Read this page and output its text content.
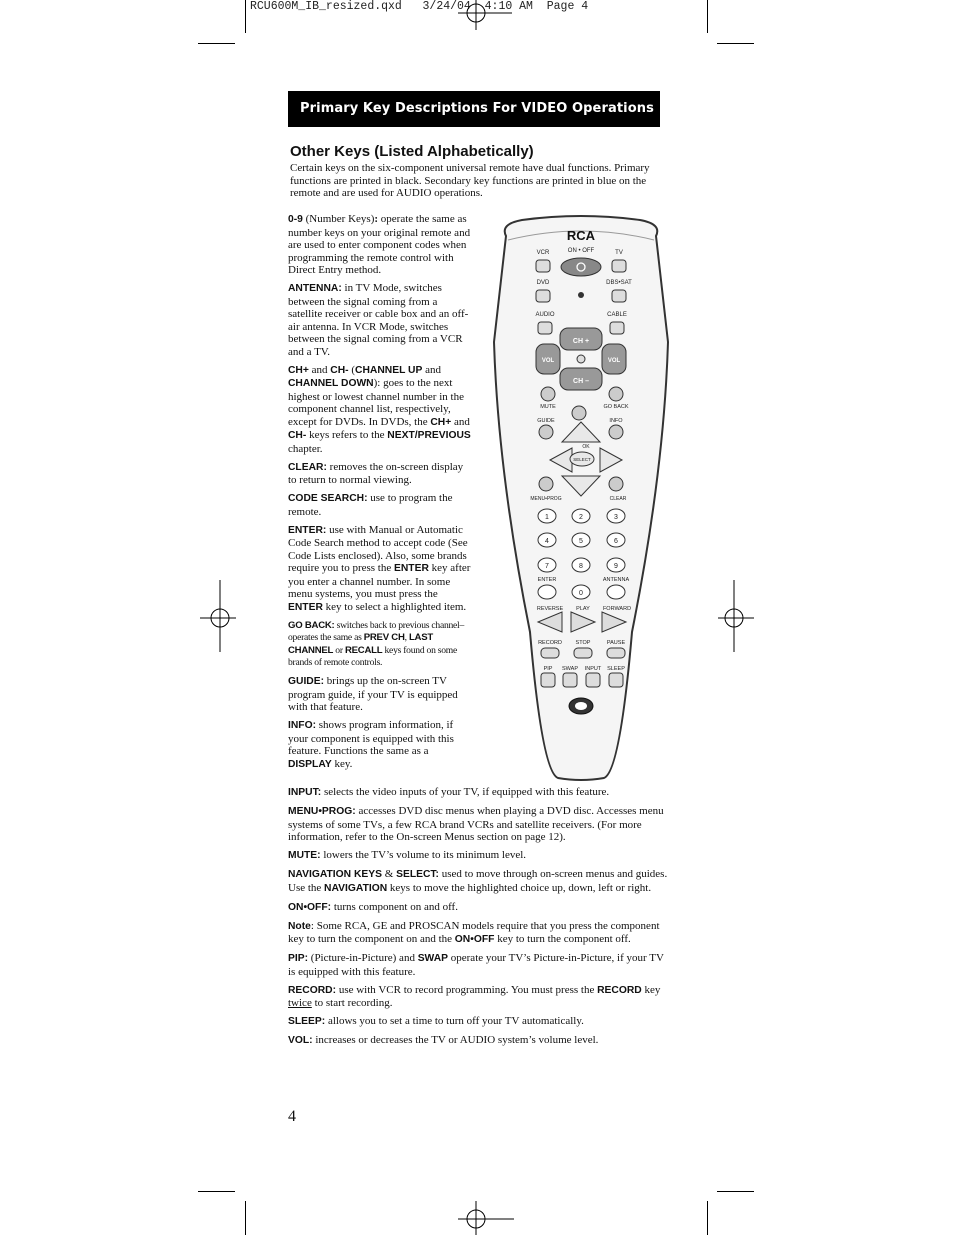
RCU600M_IB_resized.qxd   3/24/04  4:10 AM  Page 4
Primary Key Descriptions For VIDEO Operations
Other Keys (Listed Alphabetically)
Certain keys on the six-component universal remote have dual functions. Primary functions are printed in black. Secondary key functions are printed in blue on the remote and are used for AUDIO operations.

0-9 (Number Keys): operate the same as number keys on your original remote and are used to enter component codes when programming the remote control with Direct Entry method.

ANTENNA: in TV Mode, switches between the signal coming from a satellite receiver or cable box and an off-air antenna. In VCR Mode, switches between the signal coming from a VCR and a TV.

CH+ and CH- (CHANNEL UP and CHANNEL DOWN): goes to the next highest or lowest channel number in the component channel list, respectively, except for DVDs. In DVDs, the CH+ and CH- keys refers to the NEXT/PREVIOUS chapter.

CLEAR: removes the on-screen display to return to normal viewing.

CODE SEARCH: use to program the remote.

ENTER: use with Manual or Automatic Code Search method to accept code (See Code Lists enclosed). Also, some brands require you to press the ENTER key after you enter a channel number. In some menu systems, you must press the ENTER key to select a highlighted item.

GO BACK: switches back to previous channel– operates the same as PREV CH, LAST CHANNEL or RECALL keys found on some brands of remote controls.

GUIDE: brings up the on-screen TV program guide, if your TV is equipped with that feature.

INFO: shows program information, if your component is equipped with this feature. Functions the same as a DISPLAY key.

INPUT: selects the video inputs of your TV, if equipped with this feature.

MENU•PROG: accesses DVD disc menus when playing a DVD disc. Accesses menu systems of some TVs, a few RCA brand VCRs and satellite receivers. (For more information, refer to the On-screen Menus section on page 12).

MUTE: lowers the TV’s volume to its minimum level.

NAVIGATION KEYS & SELECT: used to move through on-screen menus and guides. Use the NAVIGATION keys to move the highlighted choice up, down, left or right.

ON•OFF: turns component on and off.

Note: Some RCA, GE and PROSCAN models require that you press the component key to turn the component on and the ON•OFF key to turn the component off.

PIP: (Picture-in-Picture) and SWAP operate your TV’s Picture-in-Picture, if your TV is equipped with this feature.

RECORD: use with VCR to record programming. You must press the RECORD key twice to start recording.

SLEEP: allows you to set a time to turn off your TV automatically.

VOL: increases or decreases the TV or AUDIO system’s volume level.

4
RCA
VCR	ON • OFF	TV
DVD	DBS•SAT
AUDIO	CABLE
CH +
VOL	VOL
CH –
MUTE	GO BACK
GUIDE	INFO
OK
SELECT
MENU•PROG	CLEAR
1	2	3
4	5	6
7	8	9
ENTER	ANTENNA
0
REVERSE PLAY FORWARD
RECORD STOP	PAUSE
PIP SWAP INPUT SLEEP
